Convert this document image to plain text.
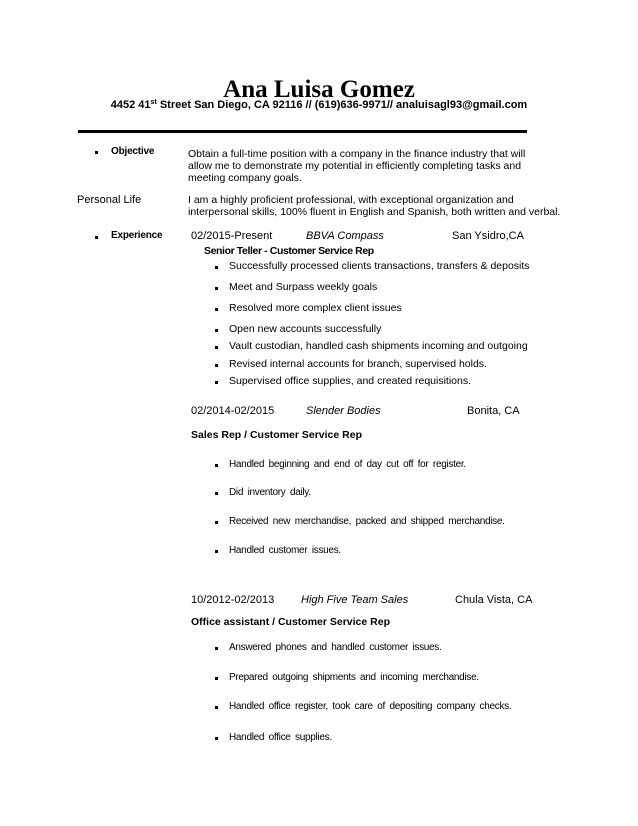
Ana Luisa Gomez
4452 41st Street San Diego, CA 92116 // (619)636-9971// analuisagl93@gmail.com
Objective	Obtain a full-time position with a company in the finance industry that will allow me to demonstrate my potential in efficiently completing tasks and meeting company goals.
Personal Life	I am a highly proficient professional, with exceptional organization and interpersonal skills, 100% fluent in English and Spanish, both written and verbal.
Experience	02/2015-Present	BBVA Compass	San Ysidro,CA
Senior Teller - Customer Service Rep
Successfully processed clients transactions, transfers & deposits
Meet and Surpass weekly goals
Resolved more complex client issues
Open new accounts successfully
Vault custodian, handled cash shipments incoming and outgoing
Revised internal accounts for branch, supervised holds.
Supervised office supplies, and created requisitions.
02/2014-02/2015	Slender Bodies	Bonita, CA
Sales Rep / Customer Service Rep
Handled beginning and end of day cut off for register.
Did inventory daily.
Received new merchandise, packed and shipped merchandise.
Handled customer issues.
10/2012-02/2013 High Five Team Sales	Chula Vista, CA
Office assistant / Customer Service Rep
Answered phones and handled customer issues.
Prepared outgoing shipments and incoming merchandise.
Handled office register, took care of depositing company checks.
Handled office supplies.
